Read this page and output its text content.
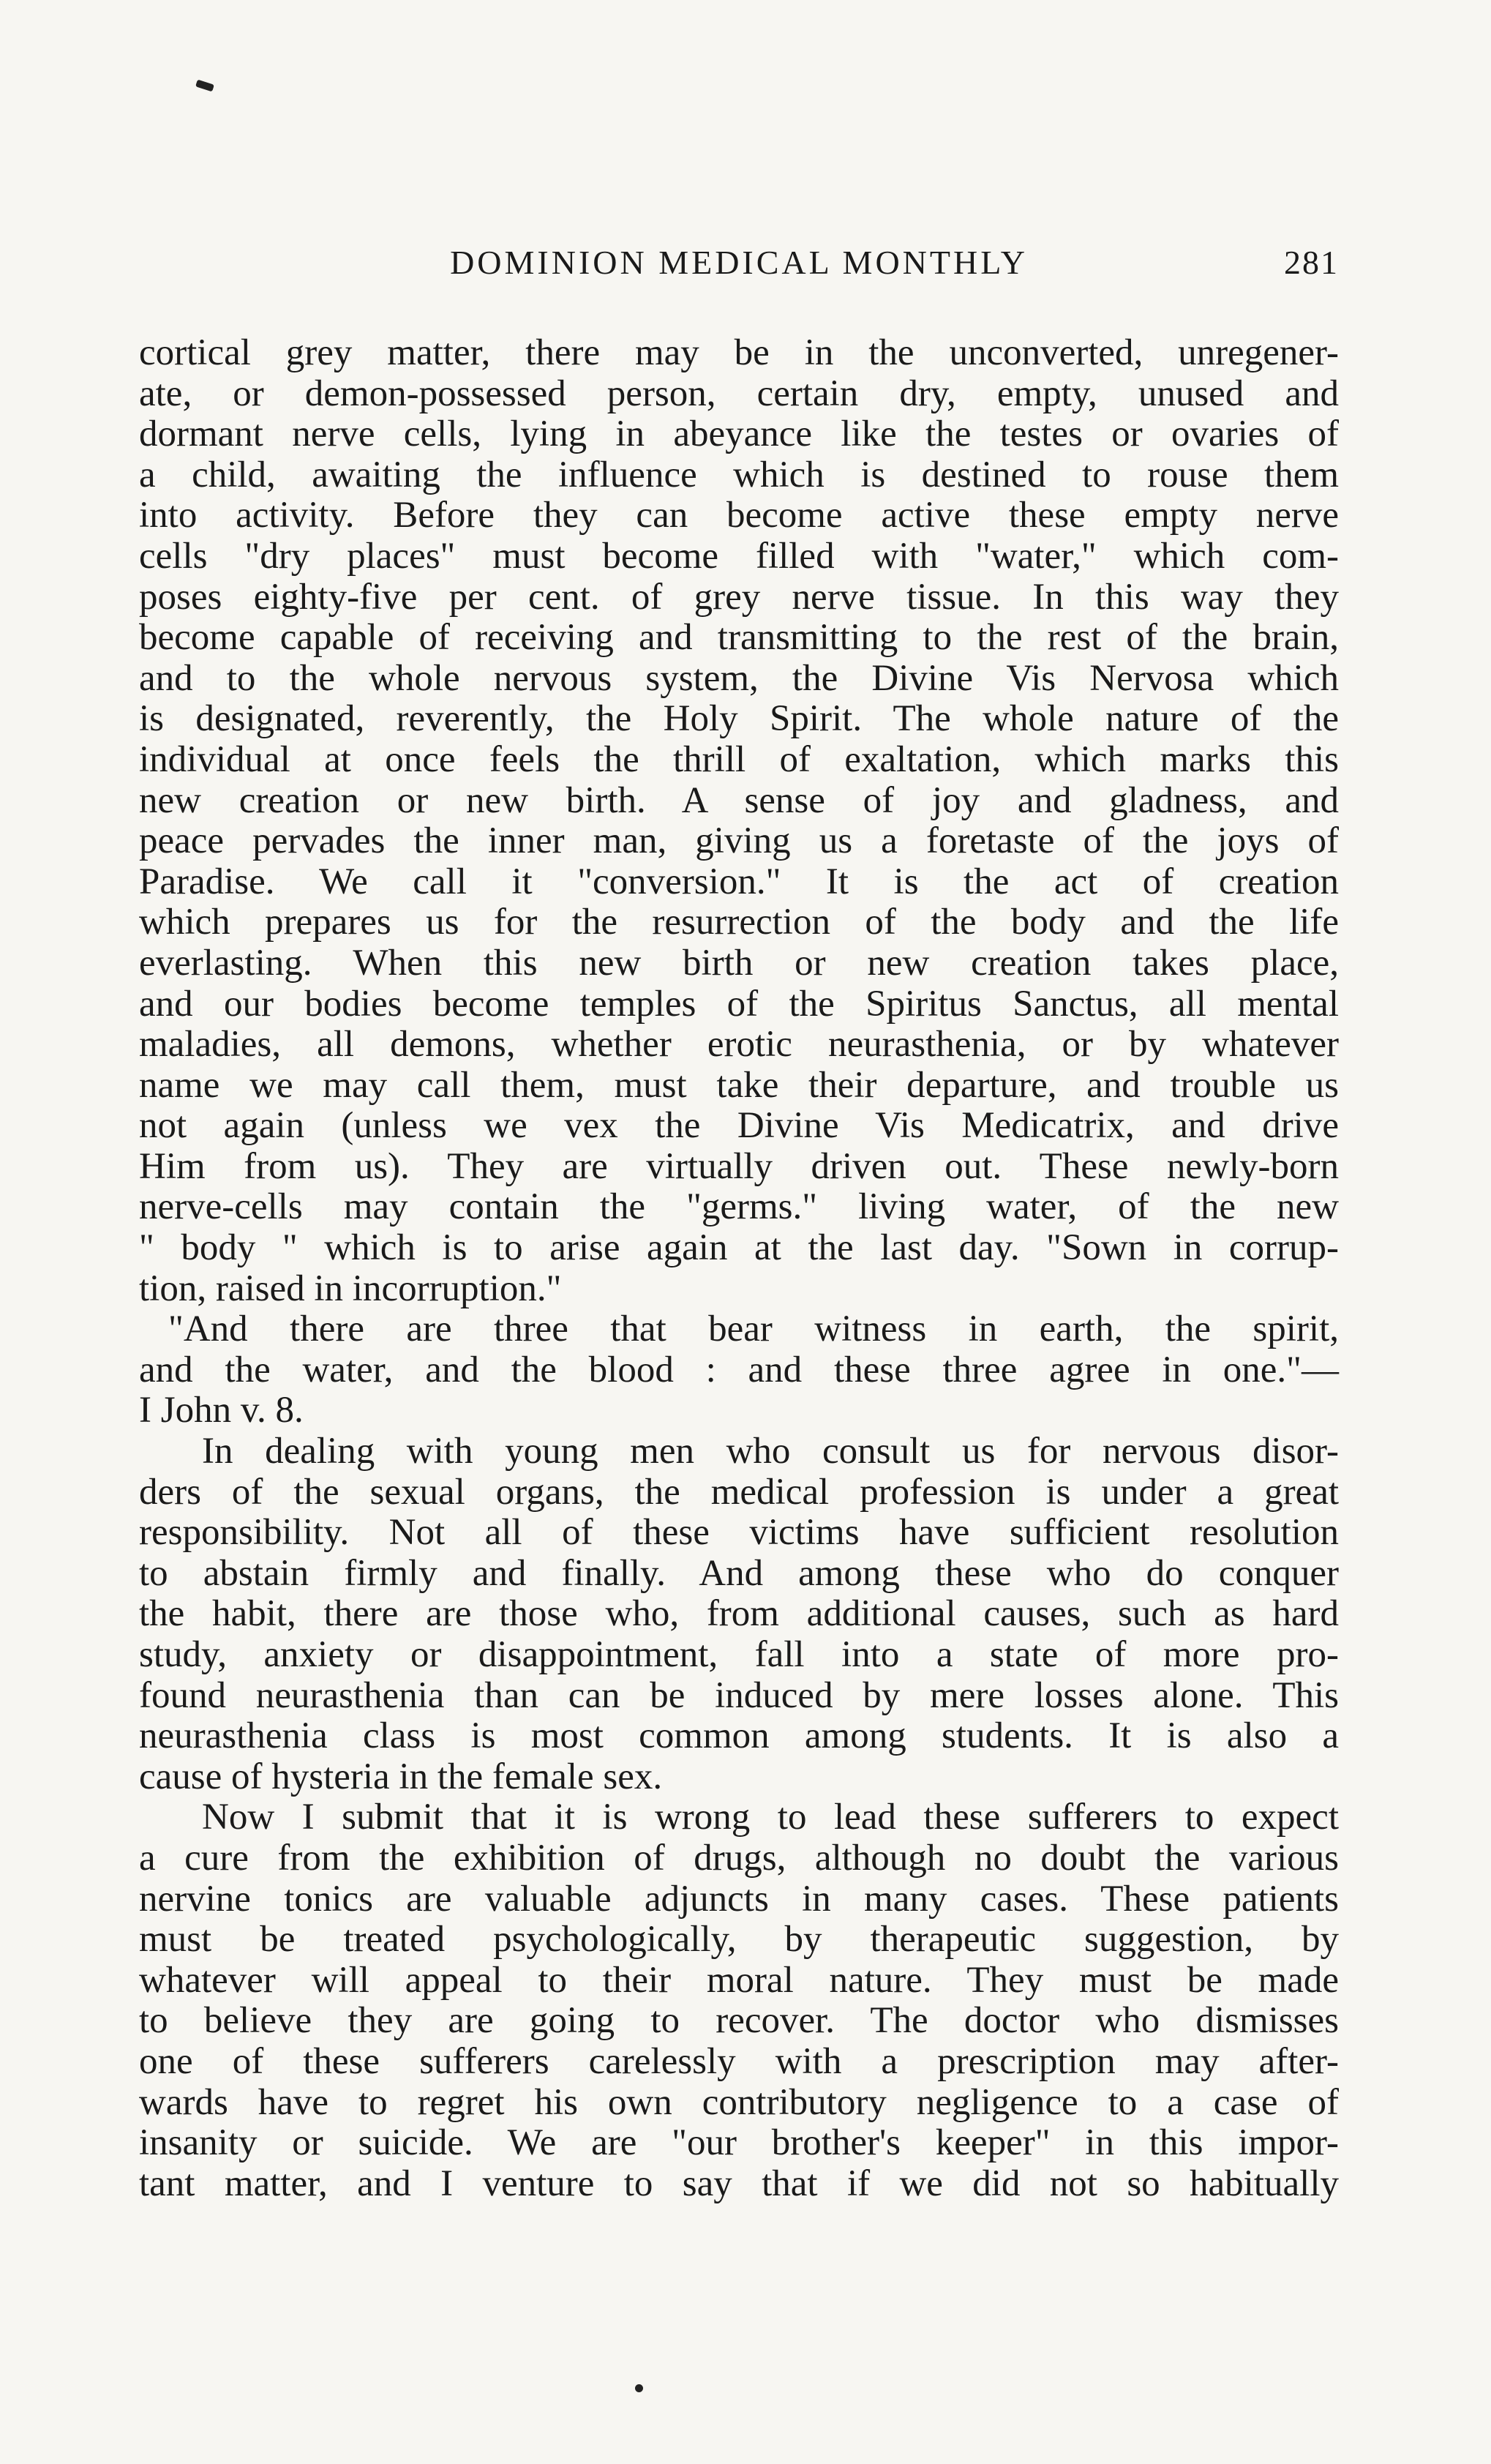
DOMINION MEDICAL MONTHLY	281
cortical grey matter, there may be in the unconverted, unregener-
ate, or demon-possessed person, certain dry, empty, unused and
dormant nerve cells, lying in abeyance like the testes or ovaries of
a child, awaiting the influence which is destined to rouse them
into activity. Before they can become active these empty nerve
cells "dry places" must become filled with "water," which com-
poses eighty-five per cent. of grey nerve tissue. In this way they
become capable of receiving and transmitting to the rest of the brain,
and to the whole nervous system, the Divine Vis Nervosa which
is designated, reverently, the Holy Spirit. The whole nature of the
individual at once feels the thrill of exaltation, which marks this
new creation or new birth. A sense of joy and gladness, and
peace pervades the inner man, giving us a foretaste of the joys of
Paradise. We call it "conversion." It is the act of creation
which prepares us for the resurrection of the body and the life
everlasting. When this new birth or new creation takes place,
and our bodies become temples of the Spiritus Sanctus, all mental
maladies, all demons, whether erotic neurasthenia, or by whatever
name we may call them, must take their departure, and trouble us
not again (unless we vex the Divine Vis Medicatrix, and drive
Him from us). They are virtually driven out. These newly-born
nerve-cells may contain the "germs." living water, of the new
" body " which is to arise again at the last day. "Sown in corrup-
tion, raised in incorruption."
"And there are three that bear witness in earth, the spirit,
and the water, and the blood : and these three agree in one."—
I John v. 8.
In dealing with young men who consult us for nervous disor-
ders of the sexual organs, the medical profession is under a great
responsibility. Not all of these victims have sufficient resolution
to abstain firmly and finally. And among these who do conquer
the habit, there are those who, from additional causes, such as hard
study, anxiety or disappointment, fall into a state of more pro-
found neurasthenia than can be induced by mere losses alone. This
neurasthenia class is most common among students. It is also a
cause of hysteria in the female sex.
Now I submit that it is wrong to lead these sufferers to expect
a cure from the exhibition of drugs, although no doubt the various
nervine tonics are valuable adjuncts in many cases. These patients
must be treated psychologically, by therapeutic suggestion, by
whatever will appeal to their moral nature. They must be made
to believe they are going to recover. The doctor who dismisses
one of these sufferers carelessly with a prescription may after-
wards have to regret his own contributory negligence to a case of
insanity or suicide. We are "our brother's keeper" in this impor-
tant matter, and I venture to say that if we did not so habitually
